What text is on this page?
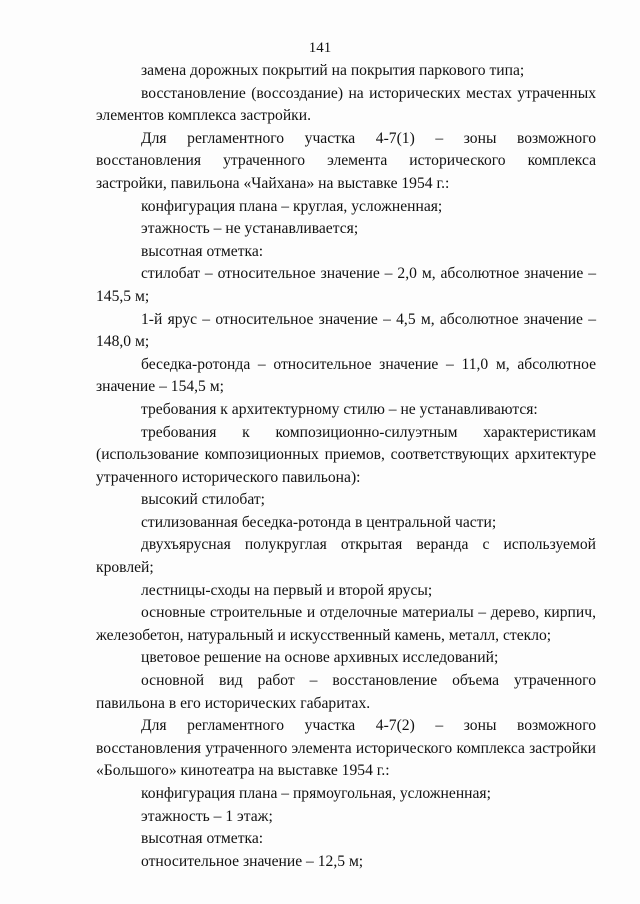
141
замена дорожных покрытий на покрытия паркового типа;
восстановление (воссоздание) на исторических местах утраченных элементов комплекса застройки.
Для регламентного участка 4-7(1) – зоны возможного восстановления утраченного элемента исторического комплекса застройки, павильона «Чайхана» на выставке 1954 г.:
конфигурация плана – круглая, усложненная;
этажность – не устанавливается;
высотная отметка:
стилобат – относительное значение – 2,0 м, абсолютное значение – 145,5 м;
1-й ярус – относительное значение – 4,5 м, абсолютное значение – 148,0 м;
беседка-ротонда – относительное значение – 11,0 м, абсолютное значение – 154,5 м;
требования к архитектурному стилю – не устанавливаются:
требования к композиционно-силуэтным характеристикам (использование композиционных приемов, соответствующих архитектуре утраченного исторического павильона):
высокий стилобат;
стилизованная беседка-ротонда в центральной части;
двухъярусная полукруглая открытая веранда с используемой кровлей;
лестницы-сходы на первый и второй ярусы;
основные строительные и отделочные материалы – дерево, кирпич, железобетон, натуральный и искусственный камень, металл, стекло;
цветовое решение на основе архивных исследований;
основной вид работ – восстановление объема утраченного павильона в его исторических габаритах.
Для регламентного участка 4-7(2) – зоны возможного восстановления утраченного элемента исторического комплекса застройки «Большого» кинотеатра на выставке 1954 г.:
конфигурация плана – прямоугольная, усложненная;
этажность – 1 этаж;
высотная отметка:
относительное значение – 12,5 м;
